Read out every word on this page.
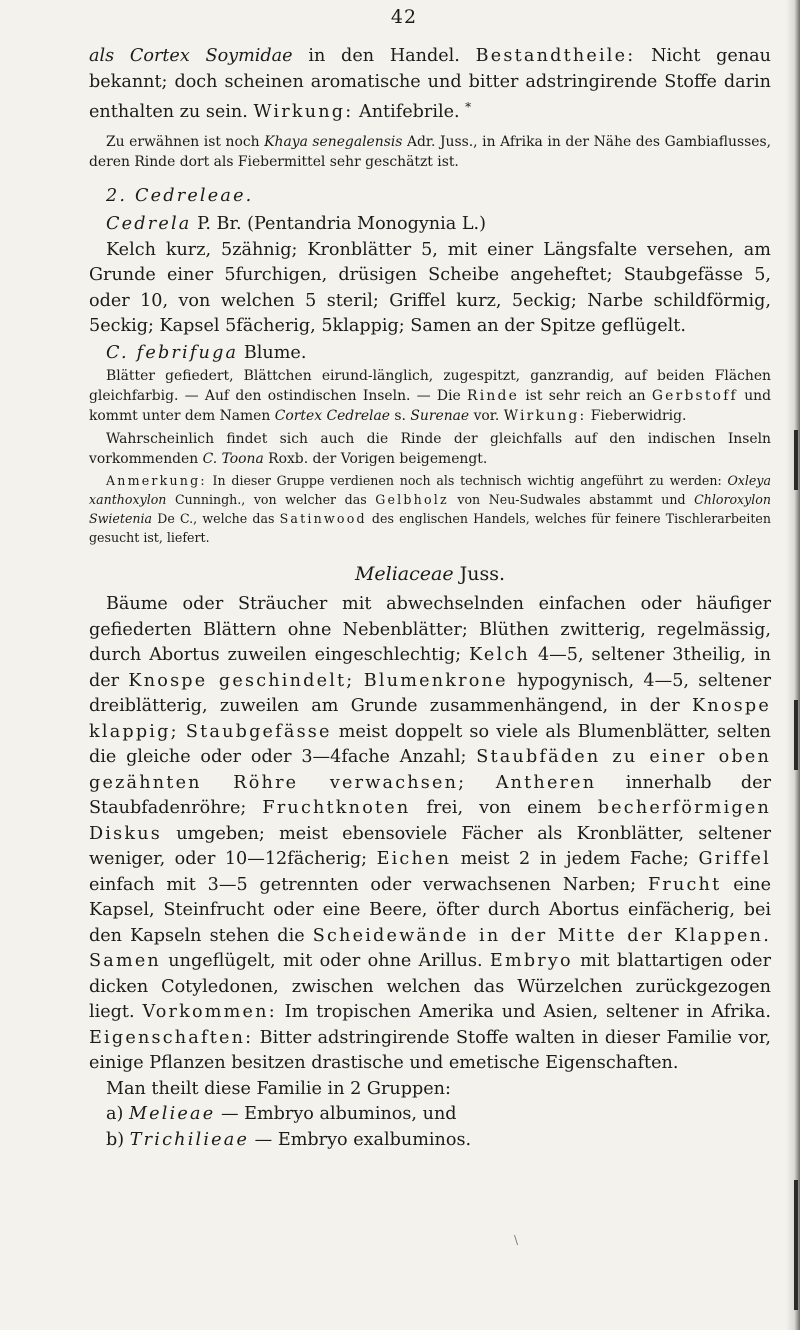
42

als Cortex Soymidae in den Handel. Bestandtheile: Nicht genau bekannt; doch scheinen aromatische und bitter adstringirende Stoffe darin enthalten zu sein. Wirkung: Antifebrile. *

Zu erwähnen ist noch Khaya senegalensis Adr. Juss., in Afrika in der Nähe des Gambiaflusses, deren Rinde dort als Fiebermittel sehr geschätzt ist.

2. Cedreleae.

Cedrela P. Br. (Pentandria Monogynia L.)

Kelch kurz, 5zähnig; Kronblätter 5, mit einer Längsfalte versehen, am Grunde einer 5furchigen, drüsigen Scheibe angeheftet; Staubgefässe 5, oder 10, von welchen 5 steril; Griffel kurz, 5eckig; Narbe schildförmig, 5eckig; Kapsel 5fächerig, 5klappig; Samen an der Spitze geflügelt.

C. febrifuga Blume.

Blätter gefiedert, Blättchen eirund-länglich, zugespitzt, ganzrandig, auf beiden Flächen gleichfarbig. — Auf den ostindischen Inseln. — Die Rinde ist sehr reich an Gerbstoff und kommt unter dem Namen Cortex Cedrelae s. Surenae vor. Wirkung: Fieberwidrig.

Wahrscheinlich findet sich auch die Rinde der gleichfalls auf den indischen Inseln vorkommenden C. Toona Roxb. der Vorigen beigemengt.

Anmerkung: In dieser Gruppe verdienen noch als technisch wichtig angeführt zu werden: Oxleya xanthoxylon Cunningh., von welcher das Gelbholz von Neu-Sudwales abstammt und Chloroxylon Swietenia De C., welche das Satinwood des englischen Handels, welches für feinere Tischlerarbeiten gesucht ist, liefert.

Meliaceae Juss.

Bäume oder Sträucher mit abwechselnden einfachen oder häufiger gefiederten Blättern ohne Nebenblätter; Blüthen zwitterig, regelmässig, durch Abortus zuweilen eingeschlechtig; Kelch 4—5, seltener 3theilig, in der Knospe geschindelt; Blumenkrone hypogynisch, 4—5, seltener dreiblätterig, zuweilen am Grunde zusammenhängend, in der Knospe klappig; Staubgefässe meist doppelt so viele als Blumenblätter, selten die gleiche oder oder 3—4fache Anzahl; Staubfäden zu einer oben gezähnten Röhre verwachsen; Antheren innerhalb der Staubfadenröhre; Fruchtknoten frei, von einem becherförmigen Diskus umgeben; meist ebensoviele Fächer als Kronblätter, seltener weniger, oder 10—12fächerig; Eichen meist 2 in jedem Fache; Griffel einfach mit 3—5 getrennten oder verwachsenen Narben; Frucht eine Kapsel, Steinfrucht oder eine Beere, öfter durch Abortus einfächerig, bei den Kapseln stehen die Scheidewände in der Mitte der Klappen. Samen ungeflügelt, mit oder ohne Arillus. Embryo mit blattartigen oder dicken Cotyledonen, zwischen welchen das Würzelchen zurückgezogen liegt. Vorkommen: Im tropischen Amerika und Asien, seltener in Afrika. Eigenschaften: Bitter adstringirende Stoffe walten in dieser Familie vor, einige Pflanzen besitzen drastische und emetische Eigenschaften.

Man theilt diese Familie in 2 Gruppen:

a) Melieae — Embryo albuminos, und

b) Trichilieae — Embryo exalbuminos.

\
